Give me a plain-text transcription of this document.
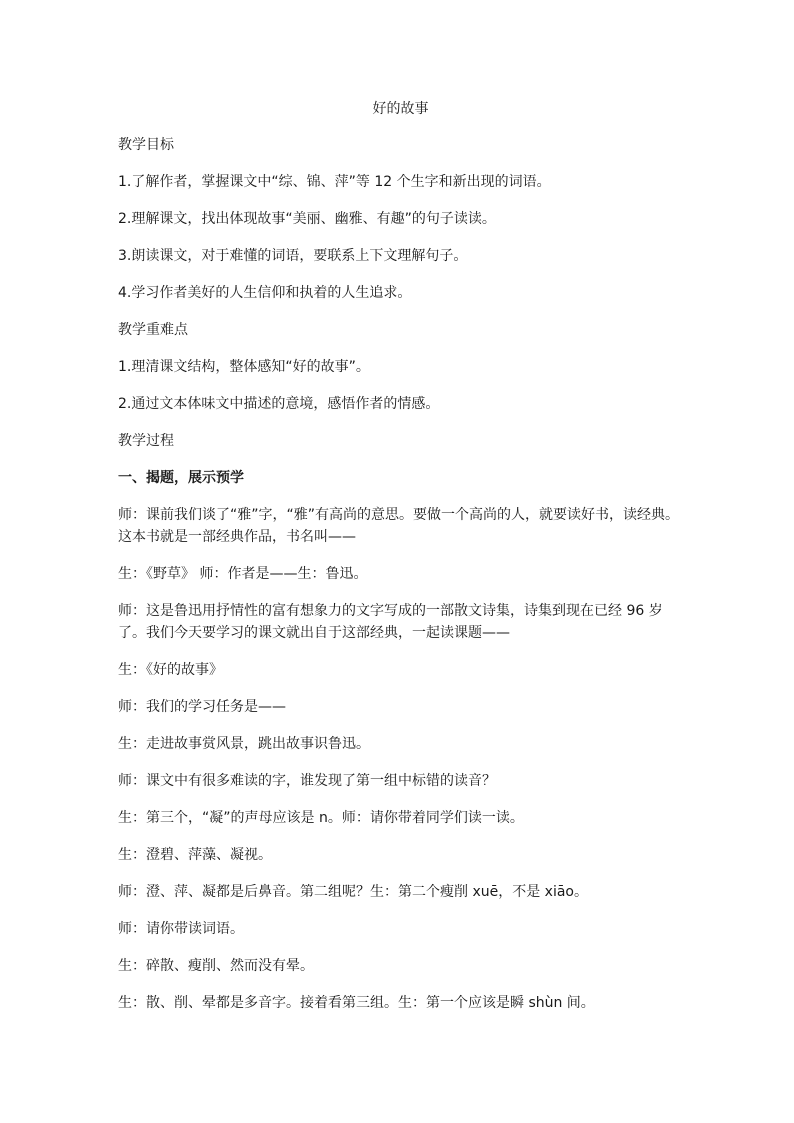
好的故事
教学目标
1.了解作者，掌握课文中“综、锦、萍”等 12 个生字和新出现的词语。
2.理解课文，找出体现故事“美丽、幽雅、有趣”的句子读读。
3.朗读课文，对于难懂的词语，要联系上下文理解句子。
4.学习作者美好的人生信仰和执着的人生追求。
教学重难点
1.理清课文结构，整体感知“好的故事”。
2.通过文本体味文中描述的意境，感悟作者的情感。
教学过程
一、揭题，展示预学
师：课前我们谈了“雅”字，“雅”有高尚的意思。要做一个高尚的人，就要读好书，读经典。这本书就是一部经典作品，书名叫——
生：《野草》 师：作者是——生：鲁迅。
师：这是鲁迅用抒情性的富有想象力的文字写成的一部散文诗集，诗集到现在已经 96 岁了。我们今天要学习的课文就出自于这部经典，一起读课题——
生：《好的故事》
师：我们的学习任务是——
生：走进故事赏风景，跳出故事识鲁迅。
师：课文中有很多难读的字，谁发现了第一组中标错的读音？
生：第三个，“凝”的声母应该是 n。师：请你带着同学们读一读。
生：澄碧、萍藻、凝视。
师：澄、萍、凝都是后鼻音。第二组呢？生：第二个瘦削 xuē，不是 xiāo。
师：请你带读词语。
生：碎散、瘦削、然而没有晕。
生：散、削、晕都是多音字。接着看第三组。生：第一个应该是瞬 shùn 间。
